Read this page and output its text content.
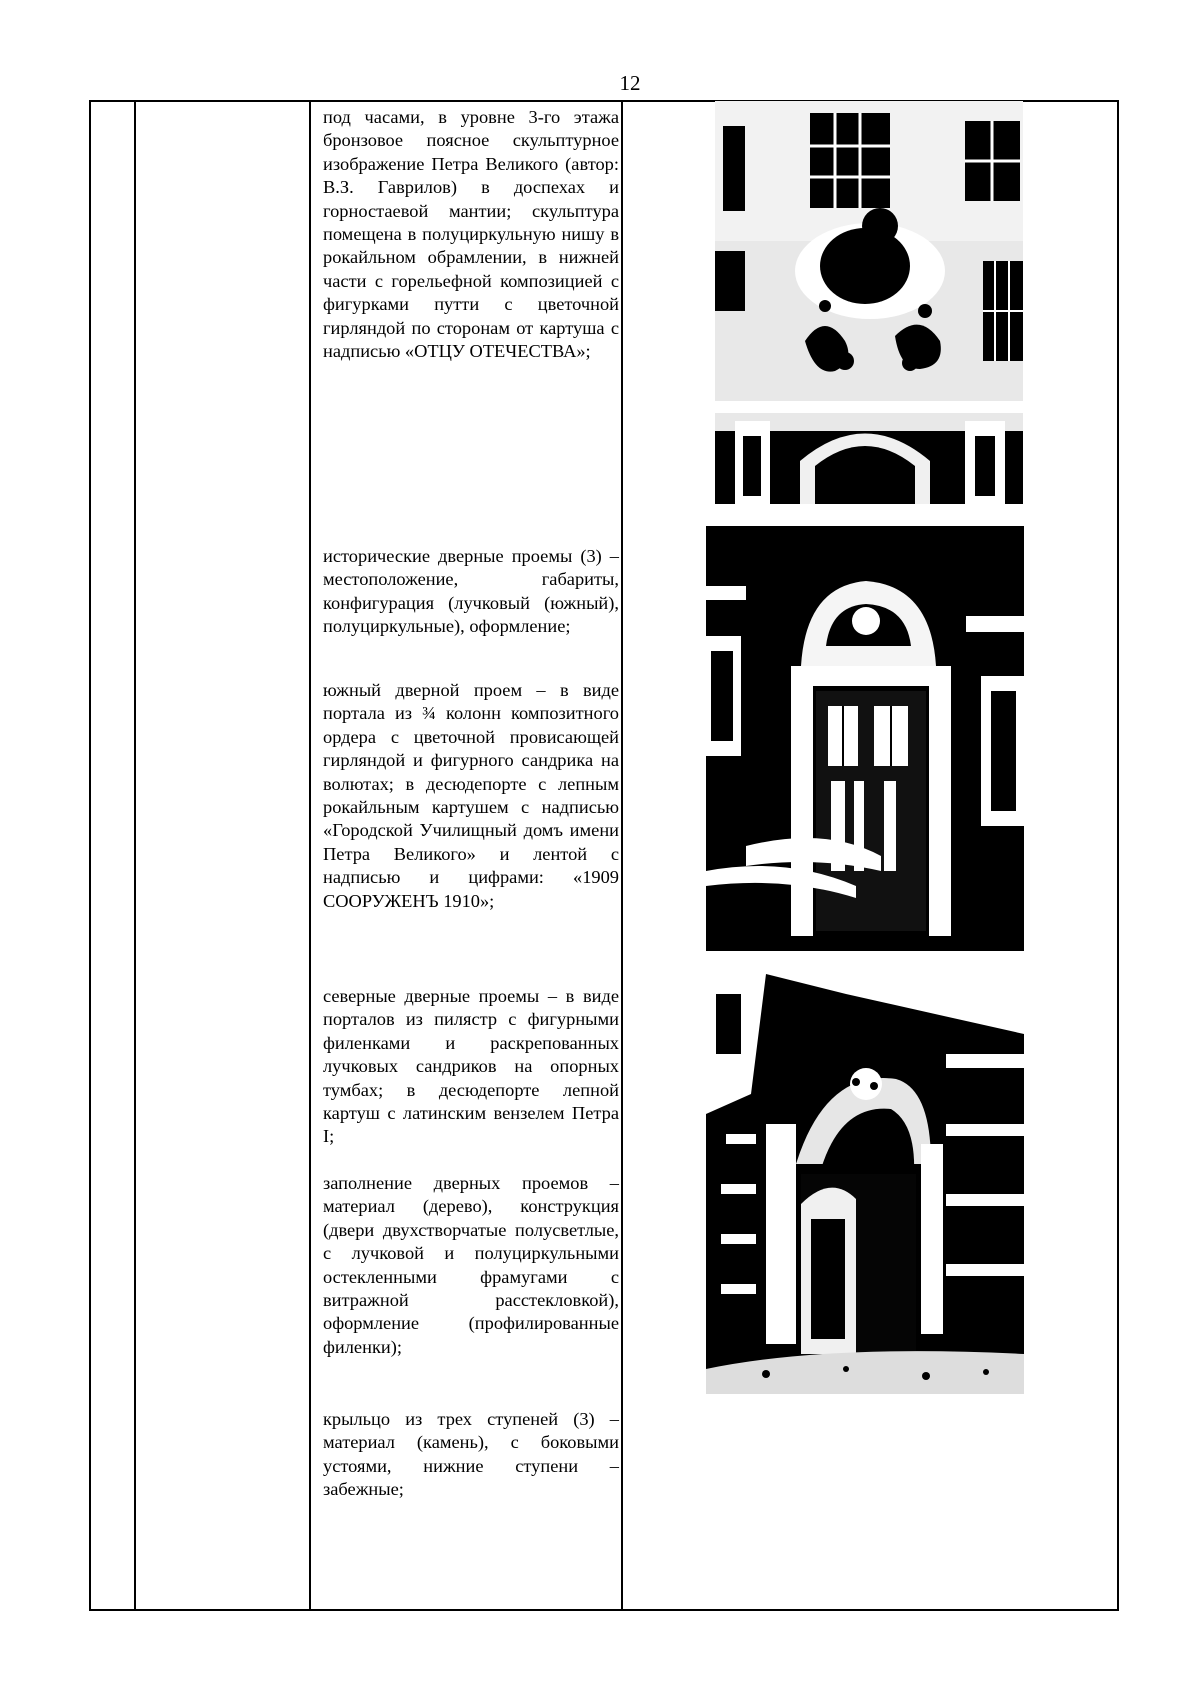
12

под часами, в уровне 3-го этажа бронзовое поясное скульптурное изображение Петра Великого (автор: В.З. Гаврилов) в доспехах и горностаевой мантии; скульптура помещена в полуциркульную нишу в рокайльном обрамлении, в нижней части с горельефной композицией с фигурками путти с цветочной гирляндой по сторонам от картуша с надписью «ОТЦУ ОТЕЧЕСТВА»;

исторические дверные проемы (3) – местоположение, габариты, конфигурация (лучковый (южный), полуциркульные), оформление;

южный дверной проем – в виде портала из ¾ колонн композитного ордера с цветочной провисающей гирляндой и фигурного сандрика на волютах; в десюдепорте с лепным рокайльным картушем с надписью «Городской Училищный домъ имени Петра Великого» и лентой с надписью и цифрами: «1909 СООРУЖЕНЪ 1910»;

северные дверные проемы – в виде порталов из пилястр с фигурными филенками и раскрепованных лучковых сандриков на опорных тумбах; в десюдепорте лепной картуш с латинским вензелем Петра I;

заполнение дверных проемов – материал (дерево), конструкция (двери двухстворчатые полусветлые, с лучковой и полуциркульными остекленными фрамугами с витражной расстекловкой), оформление (профилированные филенки);

крыльцо из трех ступеней (3) – материал (камень), с боковыми устоями, нижние ступени – забежные;
